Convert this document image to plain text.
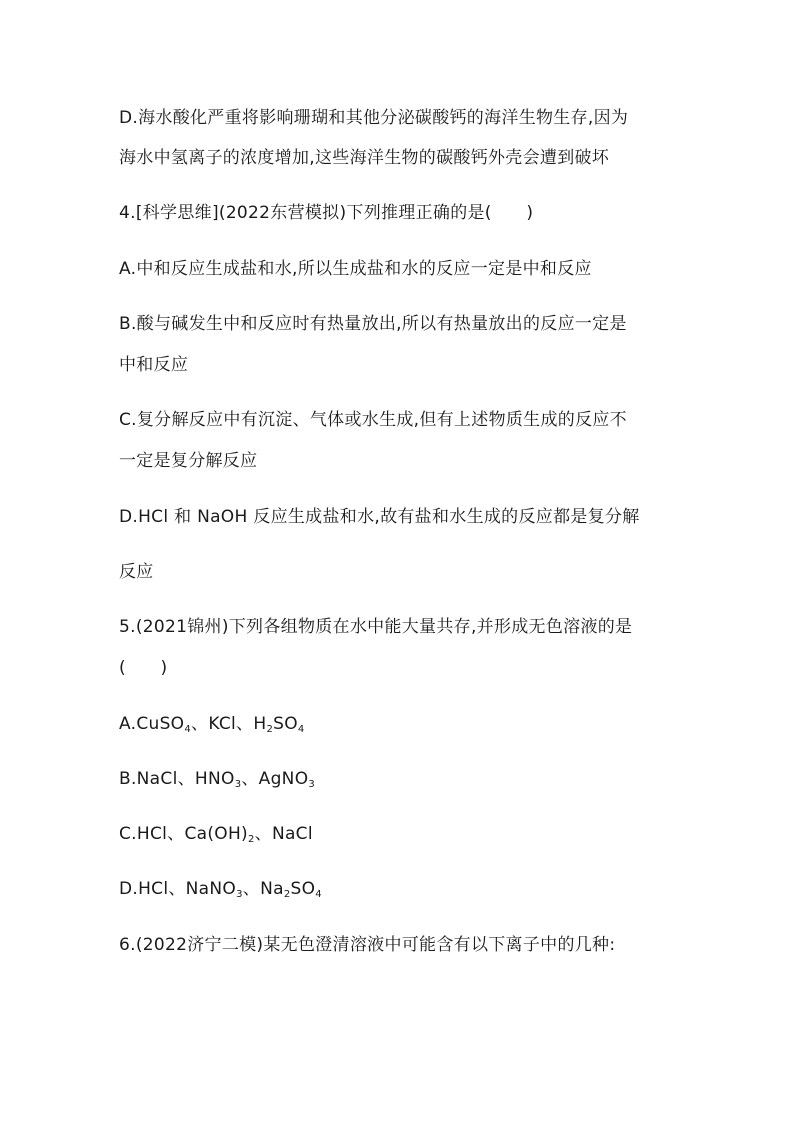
D.海水酸化严重将影响珊瑚和其他分泌碳酸钙的海洋生物生存,因为
海水中氢离子的浓度增加,这些海洋生物的碳酸钙外壳会遭到破坏
4.[科学思维](2022东营模拟)下列推理正确的是(　　)
A.中和反应生成盐和水,所以生成盐和水的反应一定是中和反应
B.酸与碱发生中和反应时有热量放出,所以有热量放出的反应一定是
中和反应
C.复分解反应中有沉淀、气体或水生成,但有上述物质生成的反应不
一定是复分解反应
D.HCl 和 NaOH 反应生成盐和水,故有盐和水生成的反应都是复分解
反应
5.(2021锦州)下列各组物质在水中能大量共存,并形成无色溶液的是
(　　)
A.CuSO$_4$、KCl、$H_2SO_4$
B.NaCl、$HNO_3$、AgNO$_3$
C.HCl、$Ca(OH)_2$、NaCl
D.HCl、NaNO$_3$、$Na_2SO_4$
6.(2022济宁二模)某无色澄清溶液中可能含有以下离子中的几种:
